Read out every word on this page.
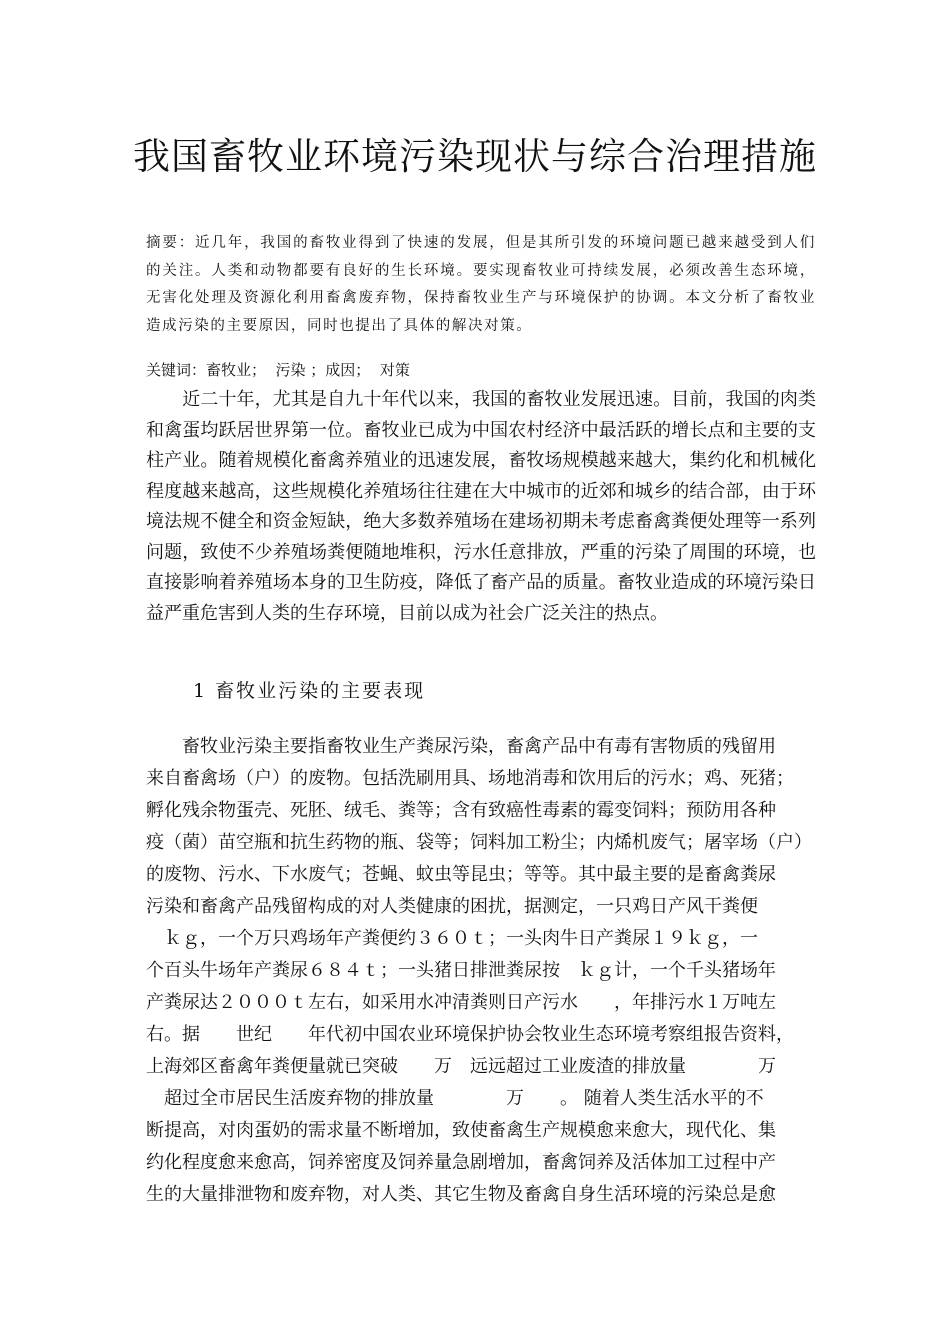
我国畜牧业环境污染现状与综合治理措施

摘要：近几年，我国的畜牧业得到了快速的发展，但是其所引发的环境问题已越来越受到人们的关注。人类和动物都要有良好的生长环境。要实现畜牧业可持续发展，必须改善生态环境，无害化处理及资源化利用畜禽废弃物，保持畜牧业生产与环境保护的协调。本文分析了畜牧业造成污染的主要原因，同时也提出了具体的解决对策。

关键词：畜牧业；  污染 ；成因；  对策

　　近二十年，尤其是自九十年代以来，我国的畜牧业发展迅速。目前，我国的肉类和禽蛋均跃居世界第一位。畜牧业已成为中国农村经济中最活跃的增长点和主要的支柱产业。随着规模化畜禽养殖业的迅速发展，畜牧场规模越来越大，集约化和机械化程度越来越高，这些规模化养殖场往往建在大中城市的近郊和城乡的结合部，由于环境法规不健全和资金短缺，绝大多数养殖场在建场初期未考虑畜禽粪便处理等一系列问题，致使不少养殖场粪便随地堆积，污水任意排放，严重的污染了周围的环境，也直接影响着养殖场本身的卫生防疫，降低了畜产品的质量。畜牧业造成的环境污染日益严重危害到人类的生存环境，目前以成为社会广泛关注的热点。

1 畜牧业污染的主要表现
　　畜牧业污染主要指畜牧业生产粪尿污染，畜禽产品中有毒有害物质的残留用
来自畜禽场（户）的废物。包括洗刷用具、场地消毒和饮用后的污水；鸡、死猪；
孵化残余物蛋壳、死胚、绒毛、粪等；含有致癌性毒素的霉变饲料；预防用各种
疫（菌）苗空瓶和抗生药物的瓶、袋等；饲料加工粉尘；内烯机废气；屠宰场（户）
的废物、污水、下水废气；苍蝇、蚊虫等昆虫；等等。其中最主要的是畜禽粪尿
污染和畜禽产品残留构成的对人类健康的困扰，据测定，一只鸡日产风干粪便
　ｋｇ，一个万只鸡场年产粪便约３６０ｔ；一头肉牛日产粪尿１９ｋｇ，一
个百头牛场年产粪尿６８４ｔ；一头猪日排泄粪尿按　ｋｇ计，一个千头猪场年
产粪尿达２０００ｔ左右，如采用水冲清粪则日产污水　　，年排污水１万吨左
右。据　　世纪　　年代初中国农业环境保护协会牧业生态环境考察组报告资料，
上海郊区畜禽年粪便量就已突破　　万　远远超过工业废渣的排放量　　　　万
　超过全市居民生活废弃物的排放量　　　　万　　。 随着人类生活水平的不
断提高，对肉蛋奶的需求量不断增加，致使畜禽生产规模愈来愈大，现代化、集
约化程度愈来愈高，饲养密度及饲养量急剧增加，畜禽饲养及活体加工过程中产
生的大量排泄物和废弃物，对人类、其它生物及畜禽自身生活环境的污染总是愈
